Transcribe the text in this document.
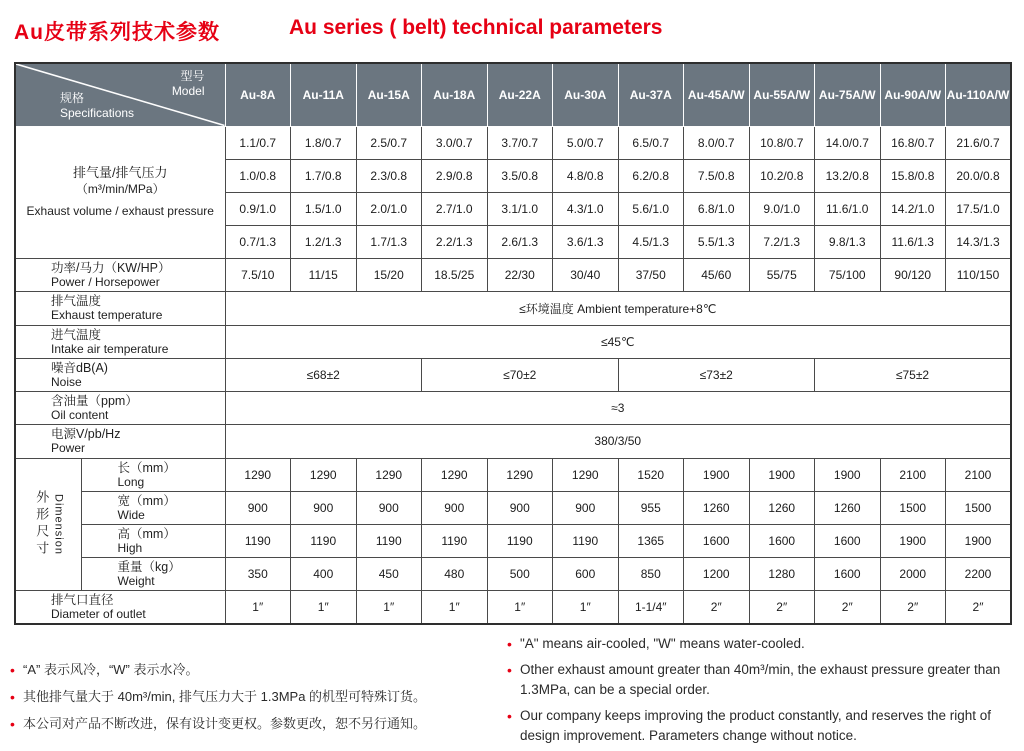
Au皮带系列技术参数	Au series ( belt) technical parameters
型号
Model
规格
Specifications		Au-8A	Au-11A	Au-15A	Au-18A	Au-22A	Au-30A	Au-37A	Au-45A/W	Au-55A/W	Au-75A/W	Au-90A/W	Au-110A/W
排气量/排气压力
（m³/min/MPa）
Exhaust volume / exhaust pressure		1.1/0.7	1.8/0.7	2.5/0.7	3.0/0.7	3.7/0.7	5.0/0.7	6.5/0.7	8.0/0.7	10.8/0.7	14.0/0.7	16.8/0.7	21.6/0.7
		1.0/0.8	1.7/0.8	2.3/0.8	2.9/0.8	3.5/0.8	4.8/0.8	6.2/0.8	7.5/0.8	10.2/0.8	13.2/0.8	15.8/0.8	20.0/0.8
		0.9/1.0	1.5/1.0	2.0/1.0	2.7/1.0	3.1/1.0	4.3/1.0	5.6/1.0	6.8/1.0	9.0/1.0	11.6/1.0	14.2/1.0	17.5/1.0
		0.7/1.3	1.2/1.3	1.7/1.3	2.2/1.3	2.6/1.3	3.6/1.3	4.5/1.3	5.5/1.3	7.2/1.3	9.8/1.3	11.6/1.3	14.3/1.3

功率/马力（KW/HP）
Power / Horsepower		7.5/10	11/15	15/20	18.5/25	22/30	30/40	37/50	45/60	55/75	75/100	90/120	110/150

排气温度
Exhaust temperature		≤环境温度 Ambient temperature+8℃											

进气温度
Intake air temperature		≤45℃											

噪音dB(A)
Noise		≤68±2			≤70±2			≤73±2			≤75±2		

含油量（ppm）
Oil content		≈3											

电源V/pb/Hz
Power		380/3/50											

外形尺寸 Dimension	长（mm）
Long	1290	1290	1290	1290	1290	1290	1520	1900	1900	1900	2100	2100

	宽（mm）
Wide	900	900	900	900	900	900	955	1260	1260	1260	1500	1500

	高（mm）
High	1190	1190	1190	1190	1190	1190	1365	1600	1600	1600	1900	1900

	重量（kg）
Weight	350	400	450	480	500	600	850	1200	1280	1600	2000	2200

排气口直径
Diameter of outlet		1″	1″	1″	1″	1″	1″	1-1/4″	2″	2″	2″	2″	2″
• “A” 表示风冷，“W” 表示水冷。
• 其他排气量大于 40m³/min, 排气压力大于 1.3MPa 的机型可特殊订货。
• 本公司对产品不断改进，保有设计变更权。参数更改，恕不另行通知。
• "A" means air-cooled, "W" means water-cooled.
• Other exhaust amount greater than 40m³/min, the exhaust pressure greater than 1.3MPa, can be a special order.
• Our company keeps improving the product constantly, and reserves the right of design improvement. Parameters change without notice.
